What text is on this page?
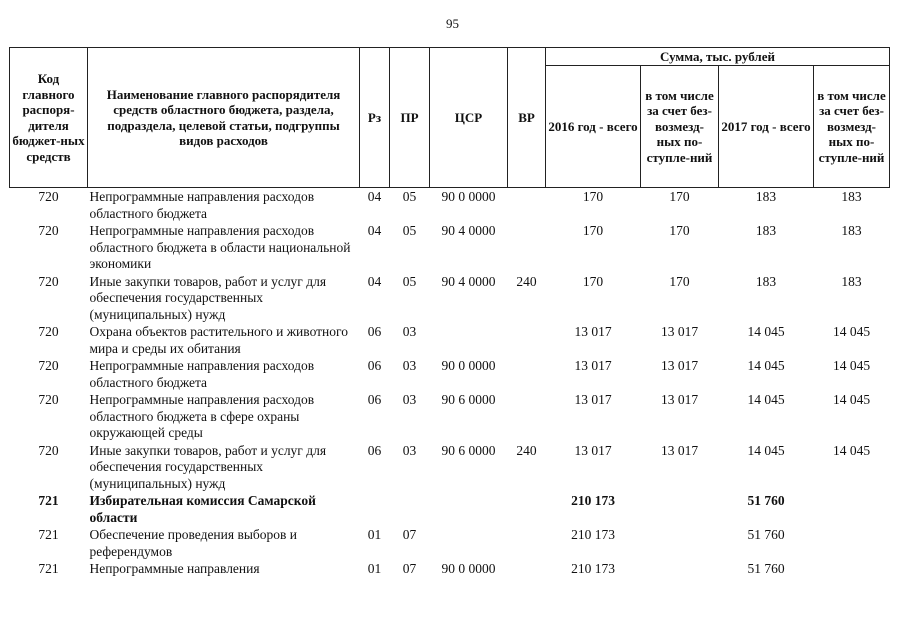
95
Код главного распоря-дителя бюджет-ных средств	Наименование главного распорядителя средств областного бюджета, раздела, подраздела, целевой статьи, подгруппы видов расходов	Рз	ПР	ЦСР	ВР	Сумма, тыс. рублей			
						2016 год - всего	в том числе за счет без-возмезд-ных по-ступле-ний	2017 год - всего	в том числе за счет без-возмезд-ных по-ступле-ний
720	Непрограммные направления расходов областного бюджета	04	05	90 0 0000		170	170	183	183
720	Непрограммные направления расходов областного бюджета в области национальной экономики	04	05	90 4 0000		170	170	183	183
720	Иные закупки товаров, работ и услуг для обеспечения государственных (муниципальных) нужд	04	05	90 4 0000	240	170	170	183	183
720	Охрана объектов растительного и животного мира и среды их обитания	06	03			13 017	13 017	14 045	14 045
720	Непрограммные направления расходов областного бюджета	06	03	90 0 0000		13 017	13 017	14 045	14 045
720	Непрограммные направления расходов областного бюджета в сфере охраны окружающей среды	06	03	90 6 0000		13 017	13 017	14 045	14 045
720	Иные закупки товаров, работ и услуг для обеспечения государственных (муниципальных) нужд	06	03	90 6 0000	240	13 017	13 017	14 045	14 045
721	Избирательная комиссия Самарской области					210 173		51 760	
721	Обеспечение проведения выборов и референдумов	01	07			210 173		51 760	
721	Непрограммные направления	01	07	90 0 0000		210 173		51 760	
